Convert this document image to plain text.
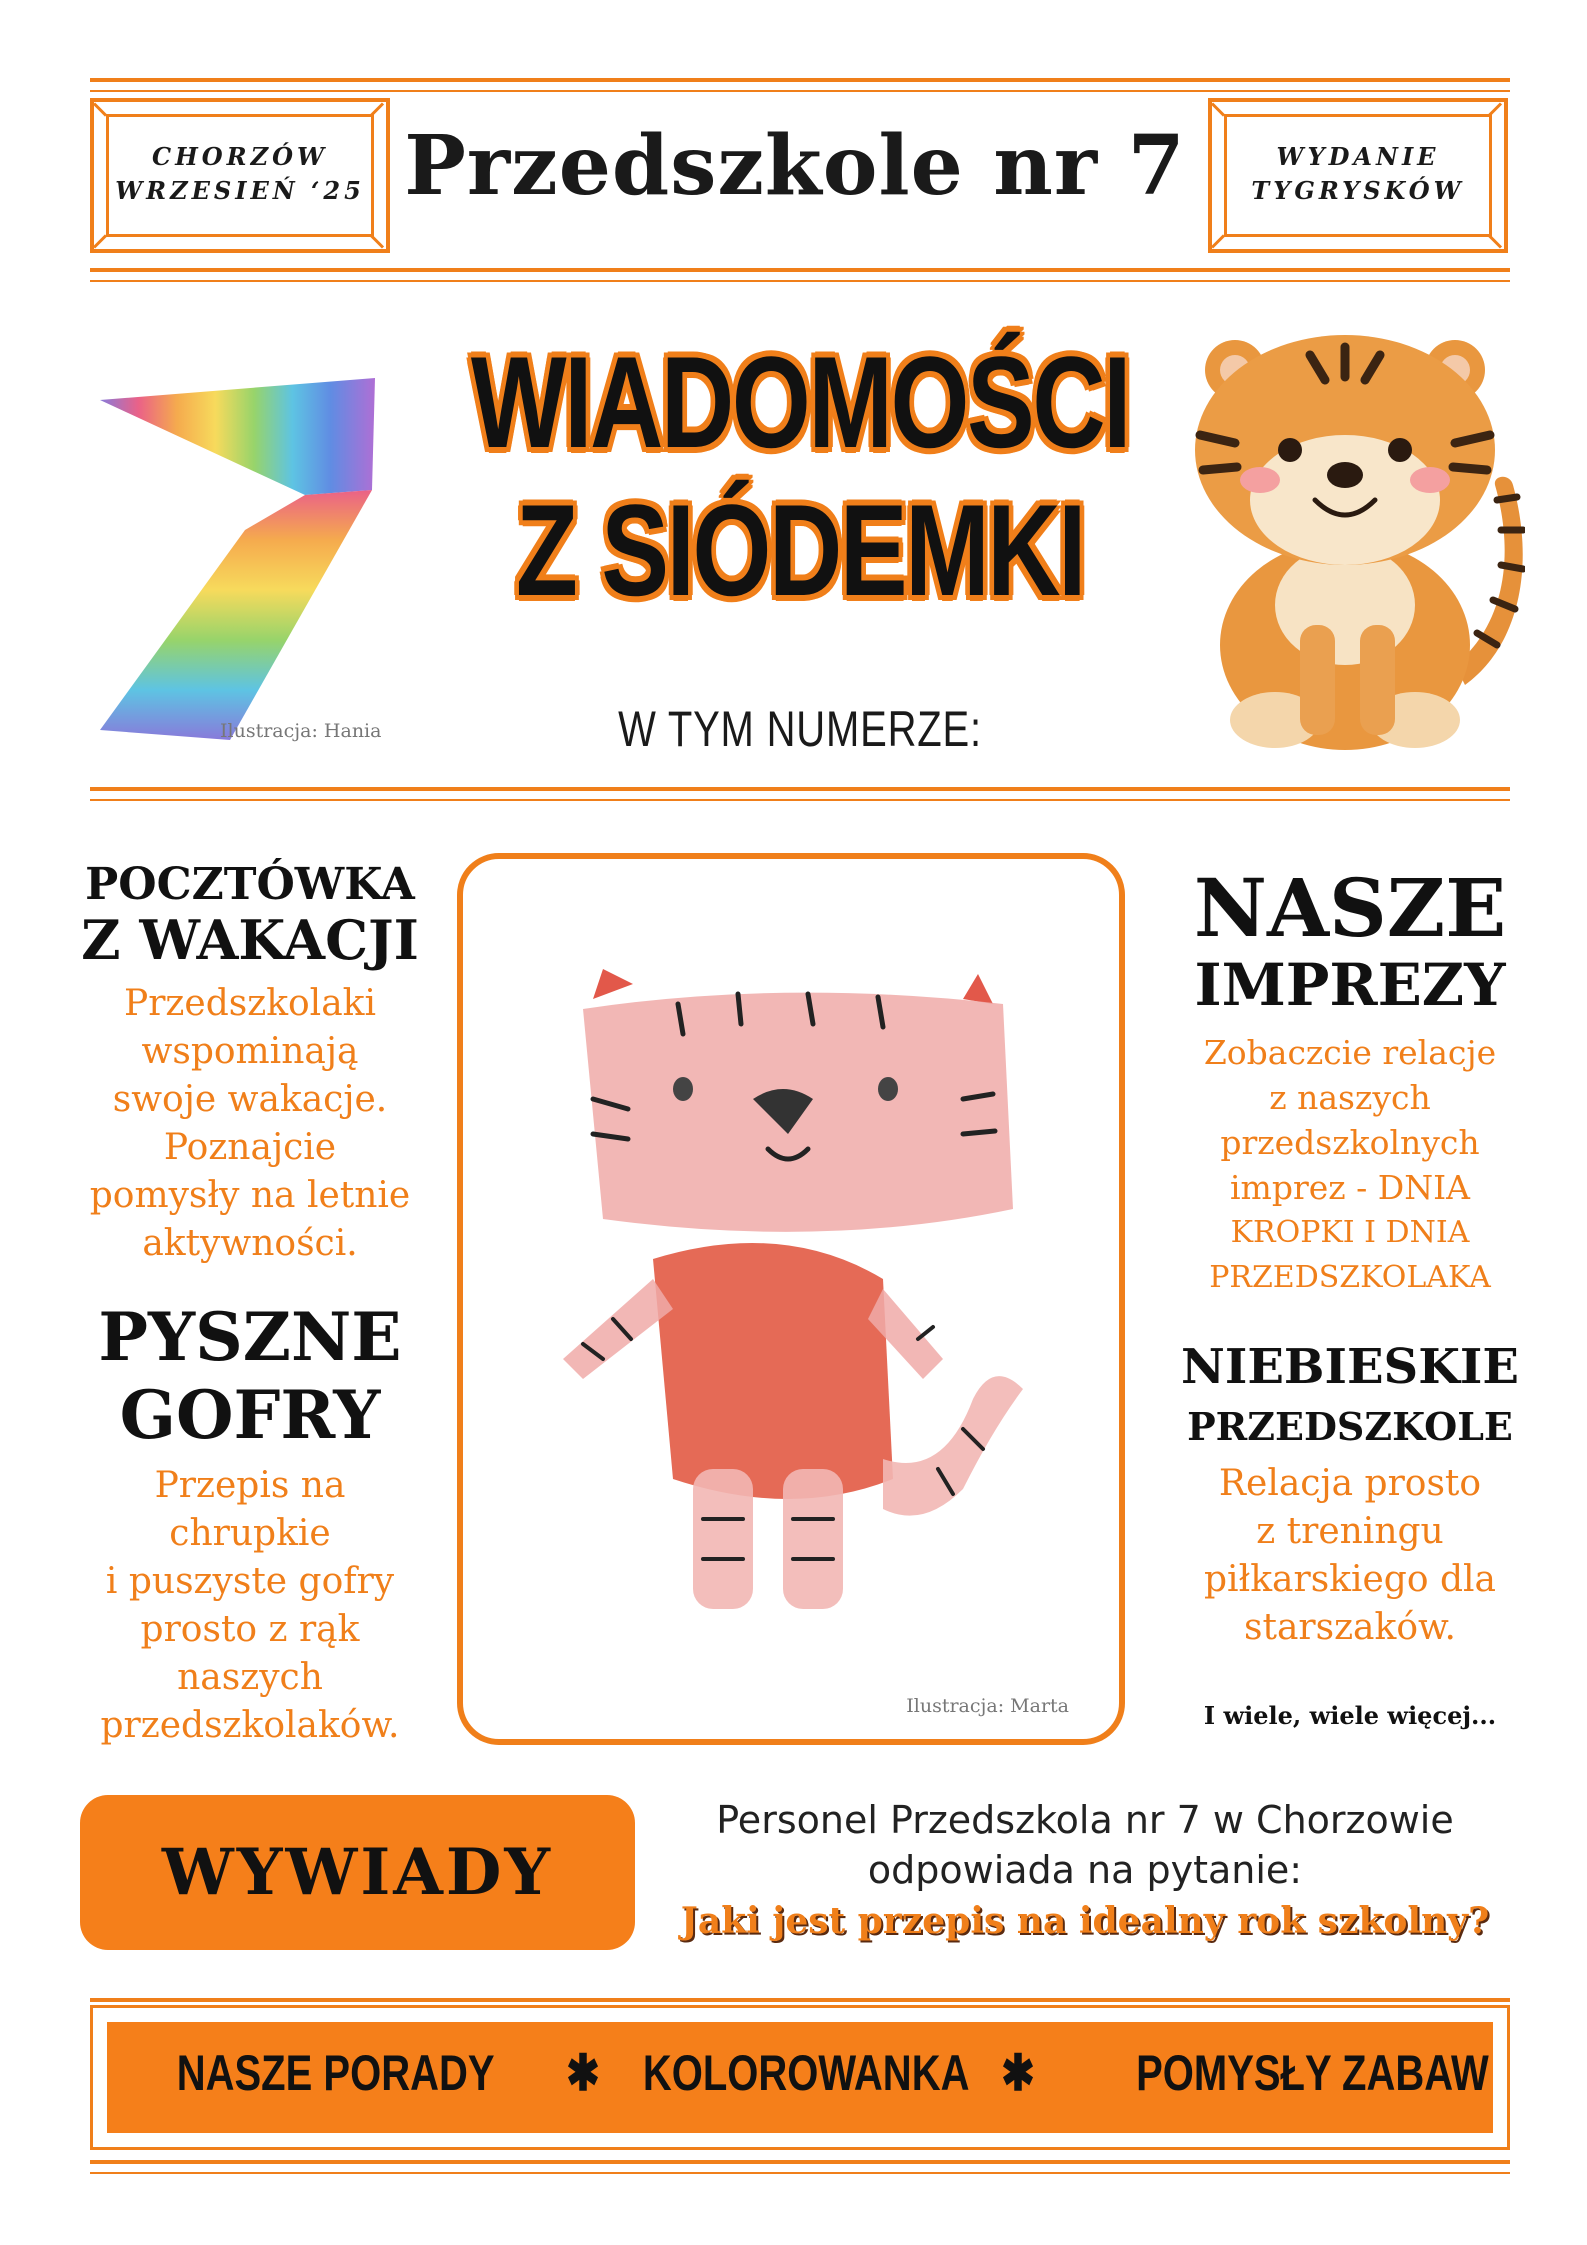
CHORZÓW
WRZESIEŃ ‘25 Przedszkole nr 7	WYDANIE
TYGRYSKÓW
Ilustracja: Hania
WIADOMOŚCI
Z SIÓDEMKI
W TYM NUMERZE:
POCZTÓWKA
Z WAKACJI
Przedszkolaki
wspominają
swoje wakacje.
Poznajcie
pomysły na letnie
aktywności.
PYSZNE
GOFRY
Przepis na
chrupkie
i puszyste gofry
prosto z rąk
naszych
przedszkolaków.	Ilustracja: Marta
NASZE
IMPREZY
Zobaczcie relacje
z naszych
przedszkolnych
imprez - DNIA
KROPKI I DNIA
PRZEDSZKOLAKA
NIEBIESKIE
PRZEDSZKOLE
Relacja prosto
z treningu
piłkarskiego dla
starszaków.
I wiele, wiele więcej...
WYWIADY
Personel Przedszkola nr 7 w Chorzowie
odpowiada na pytanie:
Jaki jest przepis na idealny rok szkolny?
NASZE PORADY ✱ KOLOROWANKA ✱ POMYSŁY ZABAW
